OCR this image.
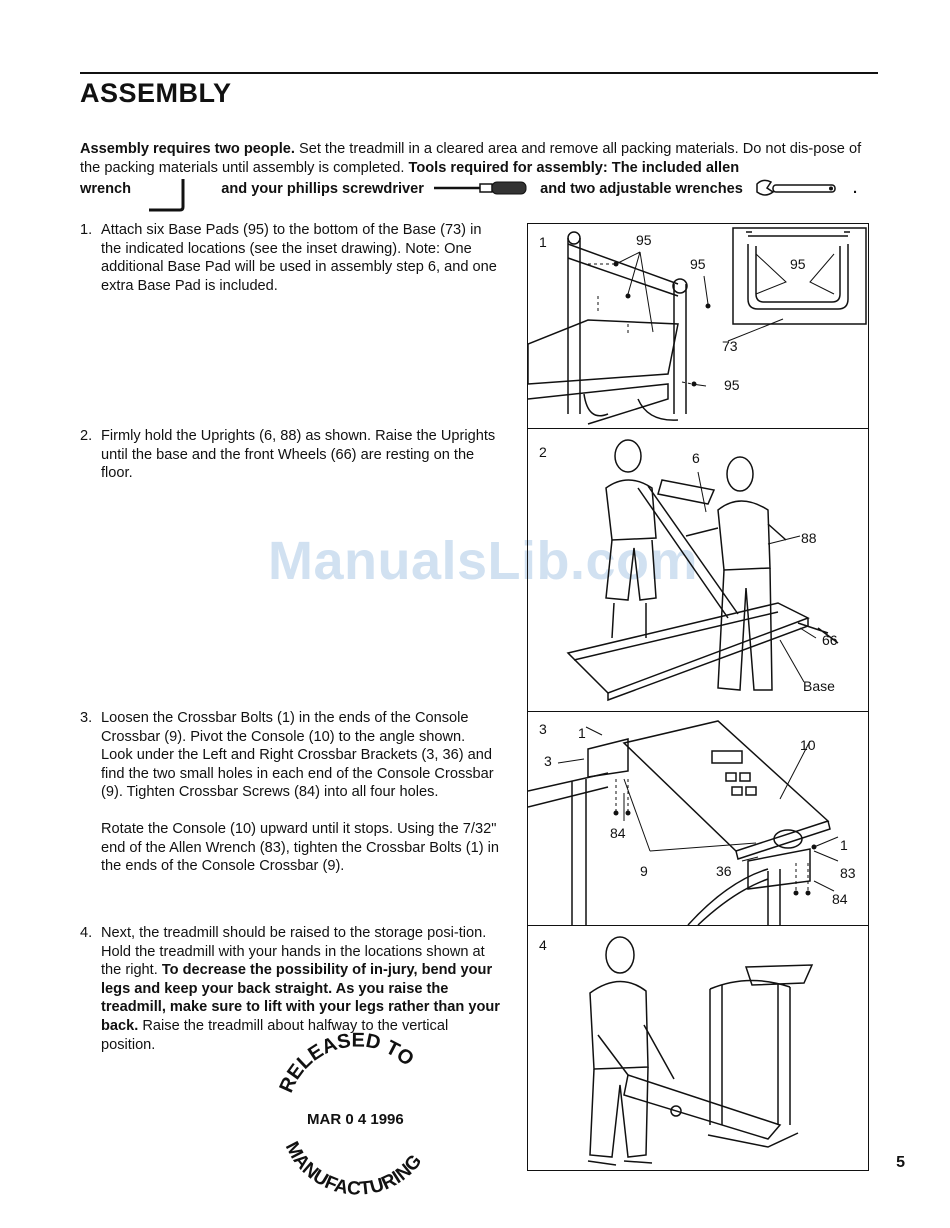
ASSEMBLY
Assembly requires two people. Set the treadmill in a cleared area and remove all packing materials. Do not dis-pose of the packing materials until assembly is completed. Tools required for assembly: The included allen
wrench	and your phillips screwdriver	and two adjustable wrenches	.
1. Attach six Base Pads (95) to the bottom of the Base (73) in the indicated locations (see the inset drawing). Note: One additional Base Pad will be used in assembly step 6, and one extra Base Pad is included.

2. Firmly hold the Uprights (6, 88) as shown. Raise the Uprights until the base and the front Wheels (66) are resting on the floor.

3. Loosen the Crossbar Bolts (1) in the ends of the Console Crossbar (9). Pivot the Console (10) to the angle shown. Look under the Left and Right Crossbar Brackets (3, 36) and find the two small holes in each end of the Console Crossbar (9). Tighten Crossbar Screws (84) into all four holes.

Rotate the Console (10) upward until it stops. Using the 7/32" end of the Allen Wrench (83), tighten the Crossbar Bolts (1) in the ends of the Console Crossbar (9).

4. Next, the treadmill should be raised to the storage posi-tion. Hold the treadmill with your hands in the locations shown at the right. To decrease the possibility of in-jury, bend your legs and keep your back straight. As you raise the treadmill, make sure to lift with your legs rather than your back. Raise the treadmill about halfway to the vertical position.

ManualsLib.com
1	95
95	95
73
95
2	6
88
66
Base
3 1
3
10
84
9	36
1
83
84
4
RELEASED TO
MAR 0 4 1996
MANUFACTURING	5
